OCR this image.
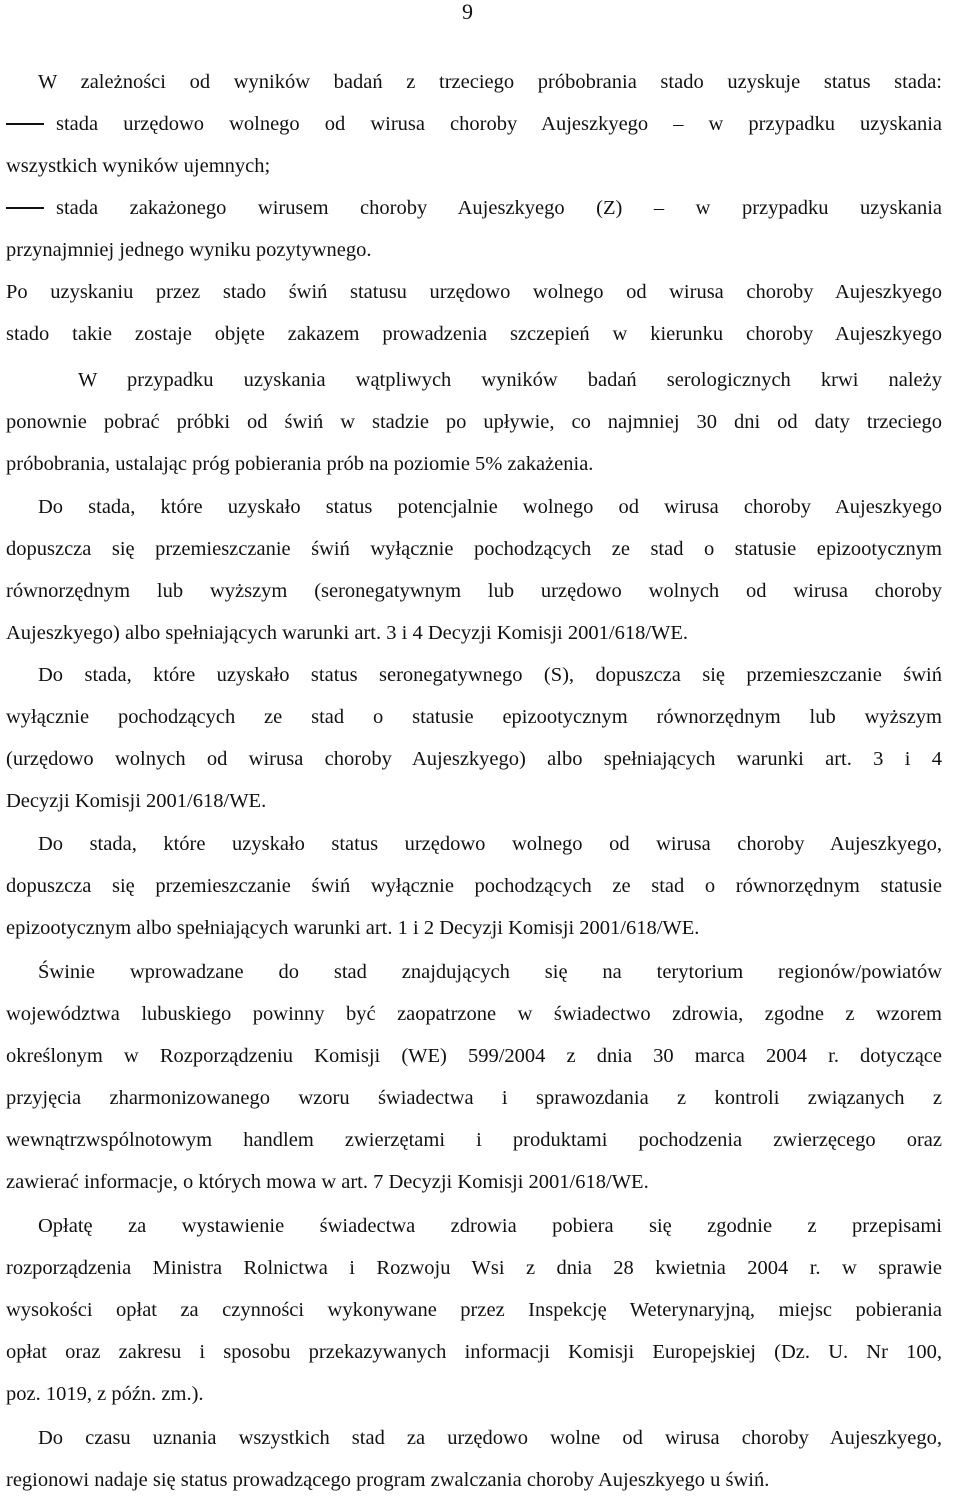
9
W zależności od wyników badań z trzeciego próbobrania stado uzyskuje status stada:
stada urzędowo wolnego od wirusa choroby Aujeszkyego – w przypadku uzyskania
wszystkich wyników ujemnych;
stada zakażonego wirusem choroby Aujeszkyego (Z) – w przypadku uzyskania
przynajmniej jednego wyniku pozytywnego.
Po uzyskaniu przez stado świń statusu urzędowo wolnego od wirusa choroby Aujeszkyego
stado takie zostaje objęte zakazem prowadzenia szczepień w kierunku choroby Aujeszkyego
W przypadku uzyskania wątpliwych wyników badań serologicznych krwi należy
ponownie pobrać próbki od świń w stadzie po upływie, co najmniej 30 dni od daty trzeciego
próbobrania, ustalając próg pobierania prób na poziomie 5% zakażenia.
Do stada, które uzyskało status potencjalnie wolnego od wirusa choroby Aujeszkyego
dopuszcza się przemieszczanie świń wyłącznie pochodzących ze stad o statusie epizootycznym
równorzędnym lub wyższym (seronegatywnym lub urzędowo wolnych od wirusa choroby
Aujeszkyego) albo spełniających warunki art. 3 i 4 Decyzji Komisji 2001/618/WE.
Do stada, które uzyskało status seronegatywnego (S), dopuszcza się przemieszczanie świń
wyłącznie pochodzących ze stad o statusie epizootycznym równorzędnym lub wyższym
(urzędowo wolnych od wirusa choroby Aujeszkyego) albo spełniających warunki art. 3 i 4
Decyzji Komisji 2001/618/WE.
Do stada, które uzyskało status urzędowo wolnego od wirusa choroby Aujeszkyego,
dopuszcza się przemieszczanie świń wyłącznie pochodzących ze stad o równorzędnym statusie
epizootycznym albo spełniających warunki art. 1 i 2 Decyzji Komisji 2001/618/WE.
Świnie wprowadzane do stad znajdujących się na terytorium regionów/powiatów
województwa lubuskiego powinny być zaopatrzone w świadectwo zdrowia, zgodne z wzorem
określonym w Rozporządzeniu Komisji (WE) 599/2004 z dnia 30 marca 2004 r. dotyczące
przyjęcia zharmonizowanego wzoru świadectwa i sprawozdania z kontroli związanych z
wewnątrzwspólnotowym handlem zwierzętami i produktami pochodzenia zwierzęcego oraz
zawierać informacje, o których mowa w art. 7 Decyzji Komisji 2001/618/WE.
Opłatę za wystawienie świadectwa zdrowia pobiera się zgodnie z przepisami
rozporządzenia Ministra Rolnictwa i Rozwoju Wsi z dnia 28 kwietnia 2004 r. w sprawie
wysokości opłat za czynności wykonywane przez Inspekcję Weterynaryjną, miejsc pobierania
opłat oraz zakresu i sposobu przekazywanych informacji Komisji Europejskiej (Dz. U. Nr 100,
poz. 1019, z późn. zm.).
Do czasu uznania wszystkich stad za urzędowo wolne od wirusa choroby Aujeszkyego,
regionowi nadaje się status prowadzącego program zwalczania choroby Aujeszkyego u świń.
